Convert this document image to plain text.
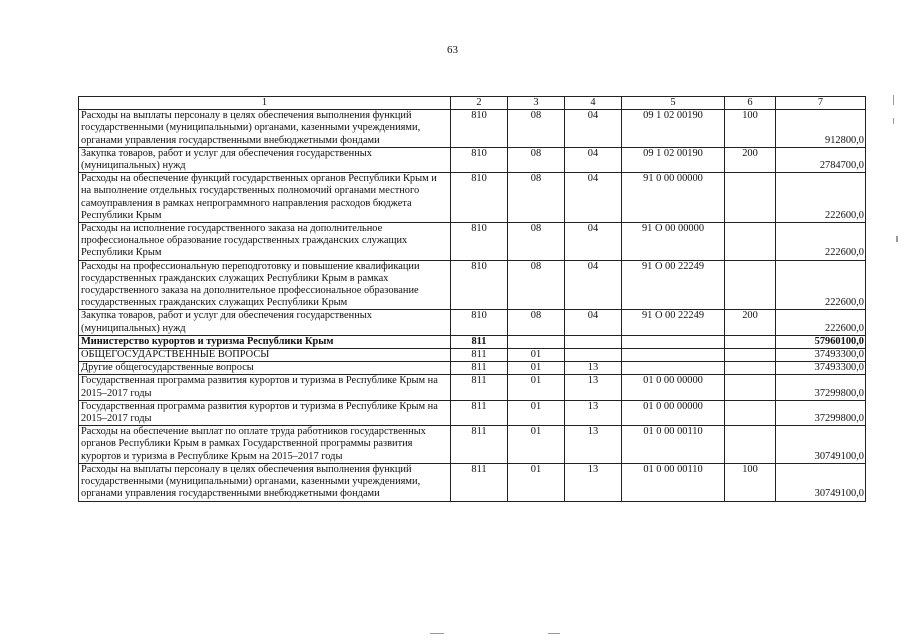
63
1	2	3	4	5	6	7
Расходы на выплаты персоналу в целях обеспечения выполнения функций государственными (муниципальными) органами, казенными учреждениями, органами управления государственными внебюджетными фондами	810	08	04	09 1 02 00190	100	912800,0
Закупка товаров, работ и услуг для обеспечения государственных (муниципальных) нужд	810	08	04	09 1 02 00190	200	2784700,0
Расходы на обеспечение функций государственных органов Республики Крым и на выполнение отдельных государственных полномочий органами местного самоуправления в рамках непрограммного направления расходов бюджета Республики Крым	810	08	04	91 0 00 00000		222600,0
Расходы на исполнение государственного заказа на дополнительное профессиональное образование государственных гражданских служащих Республики Крым	810	08	04	91 О 00 00000		222600,0
Расходы на профессиональную переподготовку и повышение квалификации государственных гражданских служащих Республики Крым в рамках государственного заказа на дополнительное профессиональное образование государственных гражданских служащих Республики Крым	810	08	04	91 О 00 22249		222600,0
Закупка товаров, работ и услуг для обеспечения государственных (муниципальных) нужд	810	08	04	91 О 00 22249	200	222600,0
Министерство курортов и туризма Республики Крым	811					57960100,0
ОБЩЕГОСУДАРСТВЕННЫЕ ВОПРОСЫ	811	01				37493300,0
Другие общегосударственные вопросы	811	01	13			37493300,0
Государственная программа развития курортов и туризма в Республике Крым на 2015–2017 годы	811	01	13	01 0 00 00000		37299800,0
Государственная программа развития курортов и туризма в Республике Крым на 2015–2017 годы	811	01	13	01 0 00 00000		37299800,0
Расходы на обеспечение выплат по оплате труда работников государственных органов Республики Крым в рамках Государственной программы развития курортов и туризма в Республике Крым на 2015–2017 годы	811	01	13	01 0 00 00110		30749100,0
Расходы на выплаты персоналу в целях обеспечения выполнения функций государственными (муниципальными) органами, казенными учреждениями, органами управления государственными внебюджетными фондами	811	01	13	01 0 00 00110	100	30749100,0
